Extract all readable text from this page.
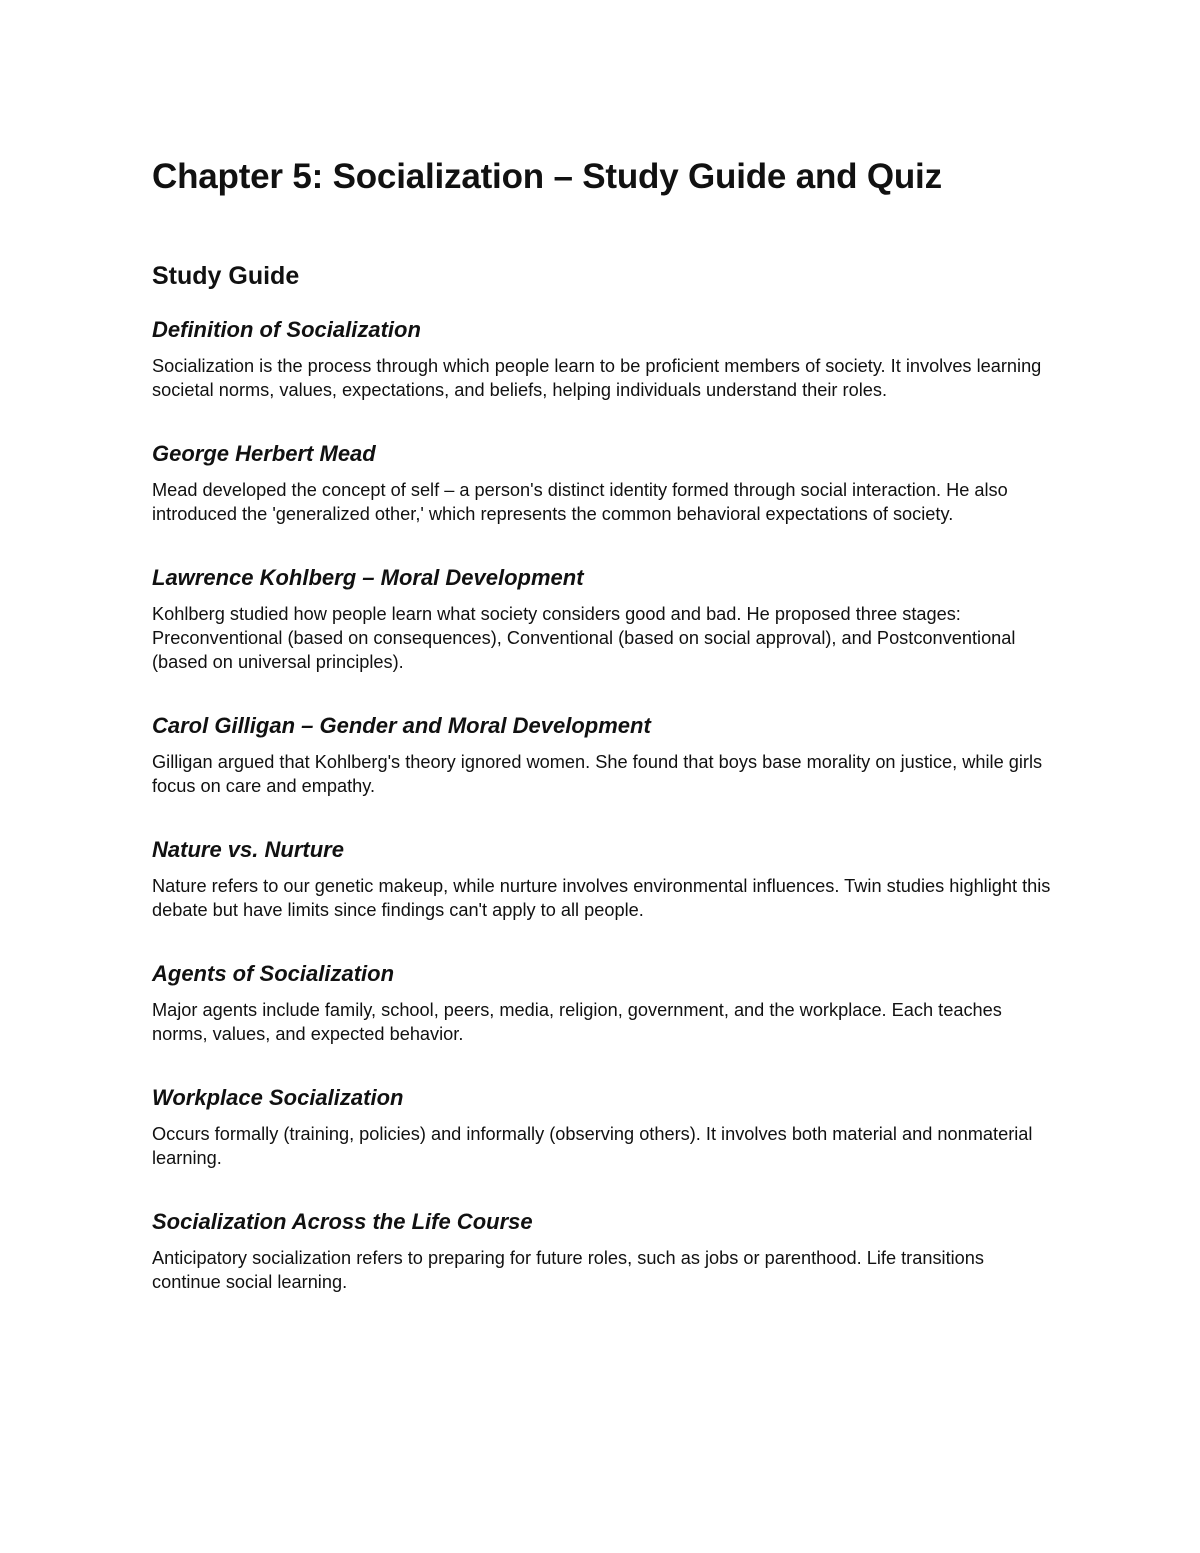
Chapter 5: Socialization – Study Guide and Quiz
Study Guide
Definition of Socialization

Socialization is the process through which people learn to be proficient members of society. It involves learning societal norms, values, expectations, and beliefs, helping individuals understand their roles.

George Herbert Mead

Mead developed the concept of self – a person's distinct identity formed through social interaction. He also introduced the 'generalized other,' which represents the common behavioral expectations of society.

Lawrence Kohlberg – Moral Development

Kohlberg studied how people learn what society considers good and bad. He proposed three stages: Preconventional (based on consequences), Conventional (based on social approval), and Postconventional (based on universal principles).

Carol Gilligan – Gender and Moral Development

Gilligan argued that Kohlberg's theory ignored women. She found that boys base morality on justice, while girls focus on care and empathy.

Nature vs. Nurture

Nature refers to our genetic makeup, while nurture involves environmental influences. Twin studies highlight this debate but have limits since findings can't apply to all people.

Agents of Socialization

Major agents include family, school, peers, media, religion, government, and the workplace. Each teaches norms, values, and expected behavior.

Workplace Socialization

Occurs formally (training, policies) and informally (observing others). It involves both material and nonmaterial learning.

Socialization Across the Life Course

Anticipatory socialization refers to preparing for future roles, such as jobs or parenthood. Life transitions continue social learning.
